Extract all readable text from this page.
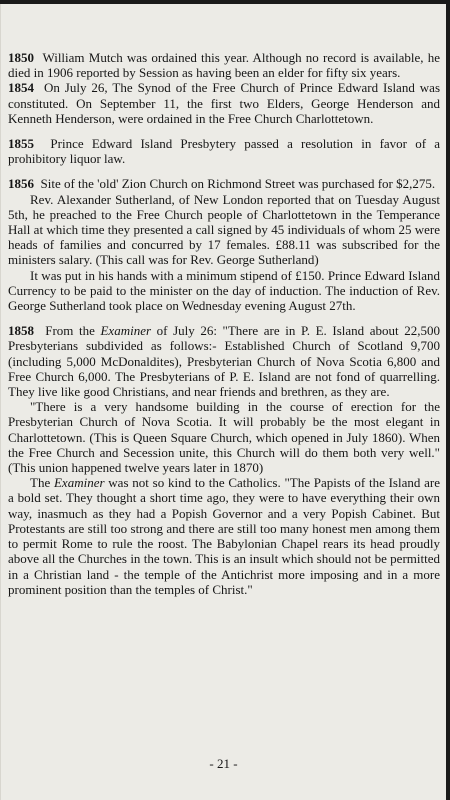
1850 William Mutch was ordained this year. Although no record is available, he died in 1906 reported by Session as having been an elder for fifty six years.

1854 On July 26, The Synod of the Free Church of Prince Edward Island was constituted. On September 11, the first two Elders, George Henderson and Kenneth Henderson, were ordained in the Free Church Charlottetown.

1855 Prince Edward Island Presbytery passed a resolution in favor of a prohibitory liquor law.

1856 Site of the 'old' Zion Church on Richmond Street was purchased for $2,275.

Rev. Alexander Sutherland, of New London reported that on Tuesday August 5th, he preached to the Free Church people of Charlottetown in the Temperance Hall at which time they presented a call signed by 45 individuals of whom 25 were heads of families and concurred by 17 females. £88.11 was subscribed for the ministers salary. (This call was for Rev. George Sutherland)

It was put in his hands with a minimum stipend of £150. Prince Edward Island Currency to be paid to the minister on the day of induction. The induction of Rev. George Sutherland took place on Wednesday evening August 27th.

1858 From the Examiner of July 26: "There are in P. E. Island about 22,500 Presbyterians subdivided as follows:- Established Church of Scotland 9,700 (including 5,000 McDonaldites), Presbyterian Church of Nova Scotia 6,800 and Free Church 6,000. The Presbyterians of P. E. Island are not fond of quarrelling. They live like good Christians, and near friends and brethren, as they are.

"There is a very handsome building in the course of erection for the Presbyterian Church of Nova Scotia. It will probably be the most elegant in Charlottetown. (This is Queen Square Church, which opened in July 1860). When the Free Church and Secession unite, this Church will do them both very well." (This union happened twelve years later in 1870)

The Examiner was not so kind to the Catholics. "The Papists of the Island are a bold set. They thought a short time ago, they were to have everything their own way, inasmuch as they had a Popish Governor and a very Popish Cabinet. But Protestants are still too strong and there are still too many honest men among them to permit Rome to rule the roost. The Babylonian Chapel rears its head proudly above all the Churches in the town. This is an insult which should not be permitted in a Christian land - the temple of the Antichrist more imposing and in a more prominent position than the temples of Christ."

- 21 -
